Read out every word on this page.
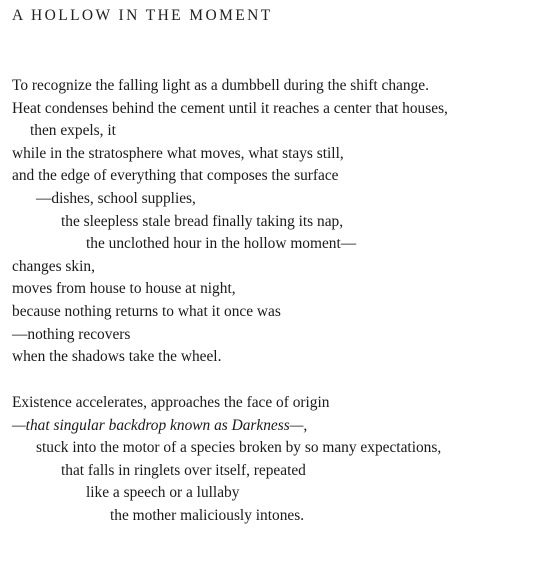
A HOLLOW IN THE MOMENT
To recognize the falling light as a dumbbell during the shift change.
Heat condenses behind the cement until it reaches a center that houses,
then expels, it
while in the stratosphere what moves, what stays still,
and the edge of everything that composes the surface
—dishes, school supplies,
the sleepless stale bread finally taking its nap,
the unclothed hour in the hollow moment—
changes skin,
moves from house to house at night,
because nothing returns to what it once was
—nothing recovers
when the shadows take the wheel.
Existence accelerates, approaches the face of origin
—that singular backdrop known as Darkness—,
stuck into the motor of a species broken by so many expectations,
that falls in ringlets over itself, repeated
like a speech or a lullaby
the mother maliciously intones.
